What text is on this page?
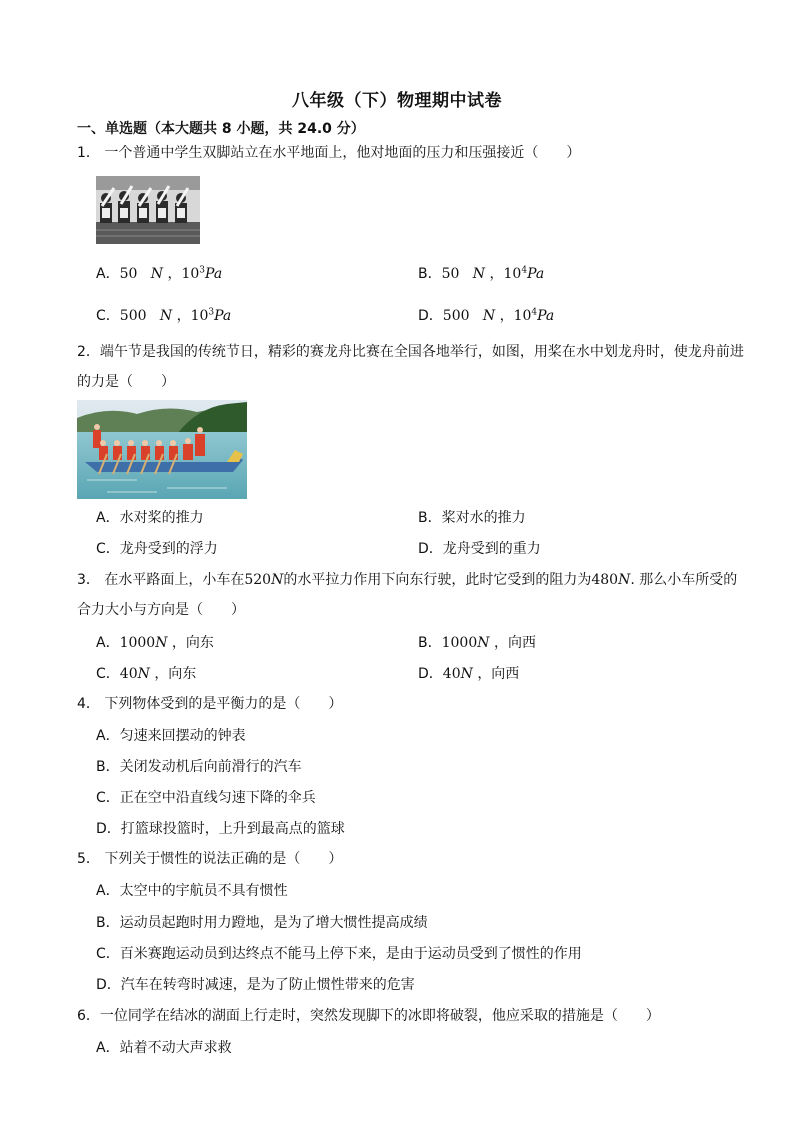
八年级（下）物理期中试卷
一、单选题（本大题共 8 小题，共 24.0 分）
1． 一个普通中学生双脚站立在水平地面上，他对地面的压力和压强接近（　　）
A．50 N ，$10^3Pa$	B．50 N ，$10^4Pa$
C．500 N ，$10^3Pa$	D．500 N ，$10^4Pa$
2．端午节是我国的传统节日，精彩的赛龙舟比赛在全国各地举行，如图，用桨在水中划龙舟时，使龙舟前进的力是（　　）
A．水对桨的推力	B．桨对水的推力
C．龙舟受到的浮力	D．龙舟受到的重力
3． 在水平路面上，小车在520N的水平拉力作用下向东行驶，此时它受到的阻力为480N. 那么小车所受的合力大小与方向是（　　）
A．1000N ，向东	B．1000N ，向西
C．40N ，向东	D．40N ，向西
4． 下列物体受到的是平衡力的是（　　）
A．匀速来回摆动的钟表
B．关闭发动机后向前滑行的汽车
C．正在空中沿直线匀速下降的伞兵
D．打篮球投篮时，上升到最高点的篮球
5． 下列关于惯性的说法正确的是（　　）
A．太空中的宇航员不具有惯性
B．运动员起跑时用力蹬地，是为了增大惯性提高成绩
C．百米赛跑运动员到达终点不能马上停下来，是由于运动员受到了惯性的作用
D．汽车在转弯时减速，是为了防止惯性带来的危害
6．一位同学在结冰的湖面上行走时，突然发现脚下的冰即将破裂，他应采取的措施是（　　）
A．站着不动大声求救
